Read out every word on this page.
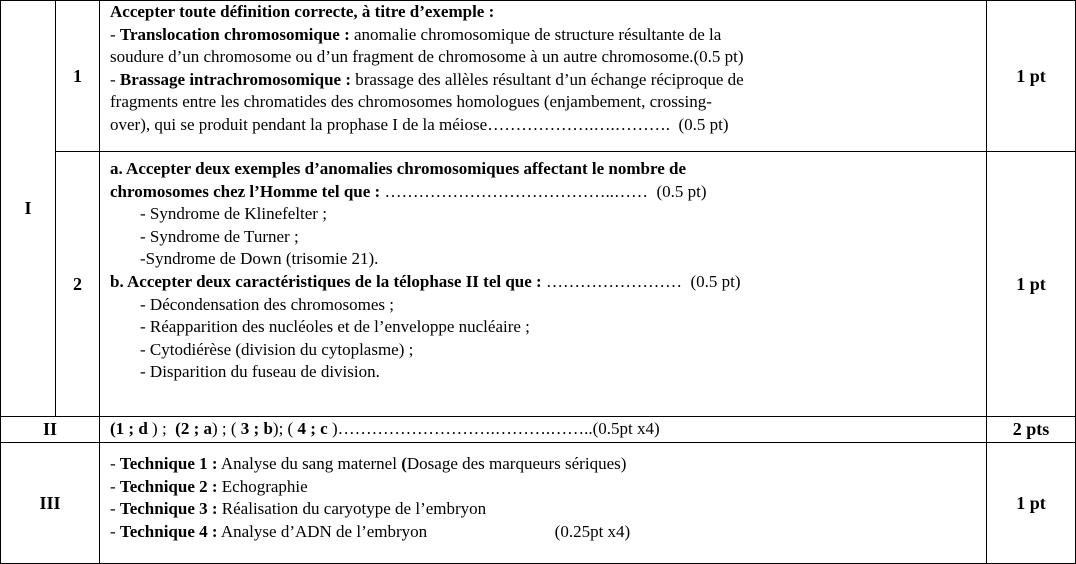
I
II
III
1
2
Accepter toute définition correcte, à titre d’exemple :
- Translocation chromosomique : anomalie chromosomique de structure résultante de la
soudure d’un chromosome ou d’un fragment de chromosome à un autre chromosome.(0.5 pt)
- Brassage intrachromosomique : brassage des allèles résultant d’un échange réciproque de
fragments entre les chromatides des chromosomes homologues (enjambement, crossing-
over), qui se produit pendant la prophase I de la méiose……………….….……….  (0.5 pt)
a. Accepter deux exemples d’anomalies chromosomiques affectant le nombre de
chromosomes chez l’Homme tel que : …………………………………..……  (0.5 pt)
- Syndrome de Klinefelter ;
- Syndrome de Turner ;
-Syndrome de Down (trisomie 21).
b. Accepter deux caractéristiques de la télophase II tel que : ……………………  (0.5 pt)
- Décondensation des chromosomes ;
- Réapparition des nucléoles et de l’enveloppe nucléaire ;
- Cytodiérèse (division du cytoplasme) ;
- Disparition du fuseau de division.
(1 ; d ) ;  (2 ; a) ; ( 3 ; b); ( 4 ; c )……………………….……….……..(0.5pt x4)
- Technique 1 : Analyse du sang maternel (Dosage des marqueurs sériques)
- Technique 2 : Echographie
- Technique 3 : Réalisation du caryotype de l’embryon
- Technique 4 : Analyse d’ADN de l’embryon                              (0.25pt x4)
1 pt
1 pt
2 pts
1 pt
